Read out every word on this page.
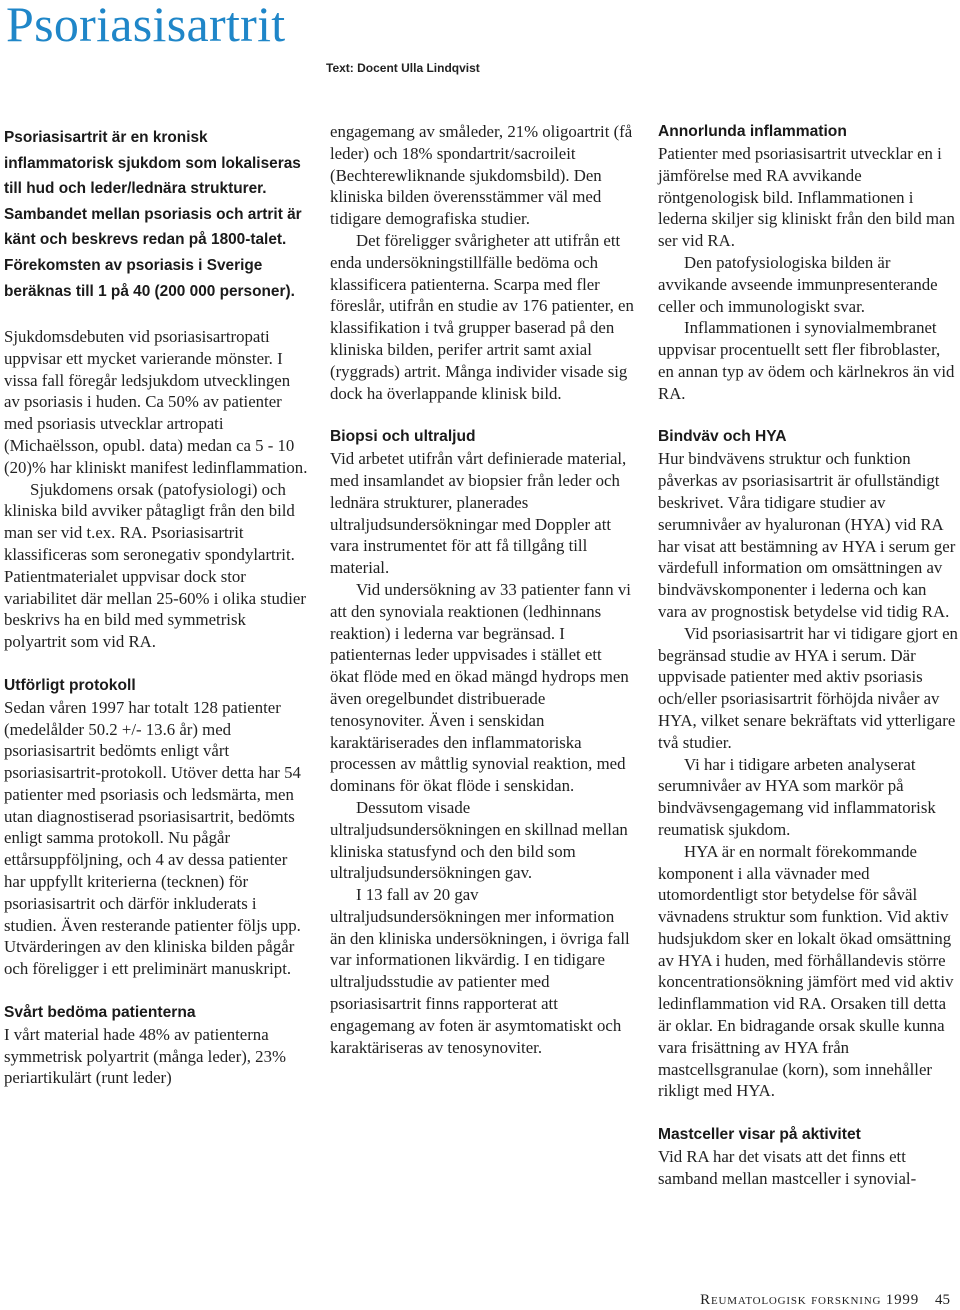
Psoriasisartrit
Text: Docent Ulla Lindqvist

Psoriasisartrit är en kronisk inflammatorisk sjukdom som lokaliseras till hud och leder/lednära strukturer. Sambandet mellan psoriasis och artrit är känt och beskrevs redan på 1800-talet. Förekomsten av psoriasis i Sverige beräknas till 1 på 40 (200 000 personer).

Sjukdomsdebuten vid psoriasisartropati uppvisar ett mycket varierande mönster. I vissa fall föregår ledsjukdom utvecklingen av psoriasis i huden. Ca 50% av patienter med psoriasis utvecklar artropati (Michaëlsson, opubl. data) medan ca 5 - 10 (20)% har kliniskt manifest ledinflammation.

Sjukdomens orsak (patofysiologi) och kliniska bild avviker påtagligt från den bild man ser vid t.ex. RA. Psoriasisartrit klassificeras som seronegativ spondylartrit. Patientmaterialet uppvisar dock stor variabilitet där mellan 25-60% i olika studier beskrivs ha en bild med symmetrisk polyartrit som vid RA.

Utförligt protokoll

Sedan våren 1997 har totalt 128 patienter (medelålder 50.2 +/- 13.6 år) med psoriasisartrit bedömts enligt vårt psoriasisartrit-protokoll. Utöver detta har 54 patienter med psoriasis och ledsmärta, men utan diagnostiserad psoriasisartrit, bedömts enligt samma protokoll. Nu pågår ettårsuppföljning, och 4 av dessa patienter har uppfyllt kriterierna (tecknen) för psoriasisartrit och därför inkluderats i studien. Även resterande patienter följs upp. Utvärderingen av den kliniska bilden pågår och föreligger i ett preliminärt manuskript.

Svårt bedöma patienterna

I vårt material hade 48% av patienterna symmetrisk polyartrit (många leder), 23% periartikulärt (runt leder)

engagemang av småleder, 21% oligoartrit (få leder) och 18% spondartrit/sacroileit (Bechterewliknande sjukdomsbild). Den kliniska bilden överensstämmer väl med tidigare demografiska studier.

Det föreligger svårigheter att utifrån ett enda undersökningstillfälle bedöma och klassificera patienterna. Scarpa med fler föreslår, utifrån en studie av 176 patienter, en klassifikation i två grupper baserad på den kliniska bilden, perifer artrit samt axial (ryggrads) artrit. Många individer visade sig dock ha överlappande klinisk bild.

Biopsi och ultraljud

Vid arbetet utifrån vårt definierade material, med insamlandet av biopsier från leder och lednära strukturer, planerades ultraljudsundersökningar med Doppler att vara instrumentet för att få tillgång till material.

Vid undersökning av 33 patienter fann vi att den synoviala reaktionen (ledhinnans reaktion) i lederna var begränsad. I patienternas leder uppvisades i stället ett ökat flöde med en ökad mängd hydrops men även oregelbundet distribuerade tenosynoviter. Även i senskidan karaktäriserades den inflammatoriska processen av måttlig synovial reaktion, med dominans för ökat flöde i senskidan.

Dessutom visade ultraljudsundersökningen en skillnad mellan kliniska statusfynd och den bild som ultraljudsundersökningen gav.

I 13 fall av 20 gav ultraljudsundersökningen mer information än den kliniska undersökningen, i övriga fall var informationen likvärdig. I en tidigare ultraljudsstudie av patienter med psoriasisartrit finns rapporterat att engagemang av foten är asymtomatiskt och karaktäriseras av tenosynoviter.

Annorlunda inflammation

Patienter med psoriasisartrit utvecklar en i jämförelse med RA avvikande röntgenologisk bild. Inflammationen i lederna skiljer sig kliniskt från den bild man ser vid RA.

Den patofysiologiska bilden är avvikande avseende immunpresenterande celler och immunologiskt svar.

Inflammationen i synovialmembranet uppvisar procentuellt sett fler fibroblaster, en annan typ av ödem och kärlnekros än vid RA.

Bindväv och HYA

Hur bindvävens struktur och funktion påverkas av psoriasisartrit är ofullständigt beskrivet. Våra tidigare studier av serumnivåer av hyaluronan (HYA) vid RA har visat att bestämning av HYA i serum ger värdefull information om omsättningen av bindvävskomponenter i lederna och kan vara av prognostisk betydelse vid tidig RA.

Vid psoriasisartrit har vi tidigare gjort en begränsad studie av HYA i serum. Där uppvisade patienter med aktiv psoriasis och/eller psoriasisartrit förhöjda nivåer av HYA, vilket senare bekräftats vid ytterligare två studier.

Vi har i tidigare arbeten analyserat serumnivåer av HYA som markör på bindvävsengagemang vid inflammatorisk reumatisk sjukdom.

HYA är en normalt förekommande komponent i alla vävnader med utomordentligt stor betydelse för såväl vävnadens struktur som funktion. Vid aktiv hudsjukdom sker en lokalt ökad omsättning av HYA i huden, med förhållandevis större koncentrationsökning jämfört med vid aktiv ledinflammation vid RA. Orsaken till detta är oklar. En bidragande orsak skulle kunna vara frisättning av HYA från mastcellsgranulae (korn), som innehåller rikligt med HYA.

Mastceller visar på aktivitet

Vid RA har det visats att det finns ett samband mellan mastceller i synovial-

Reumatologisk forskning 1999 45
